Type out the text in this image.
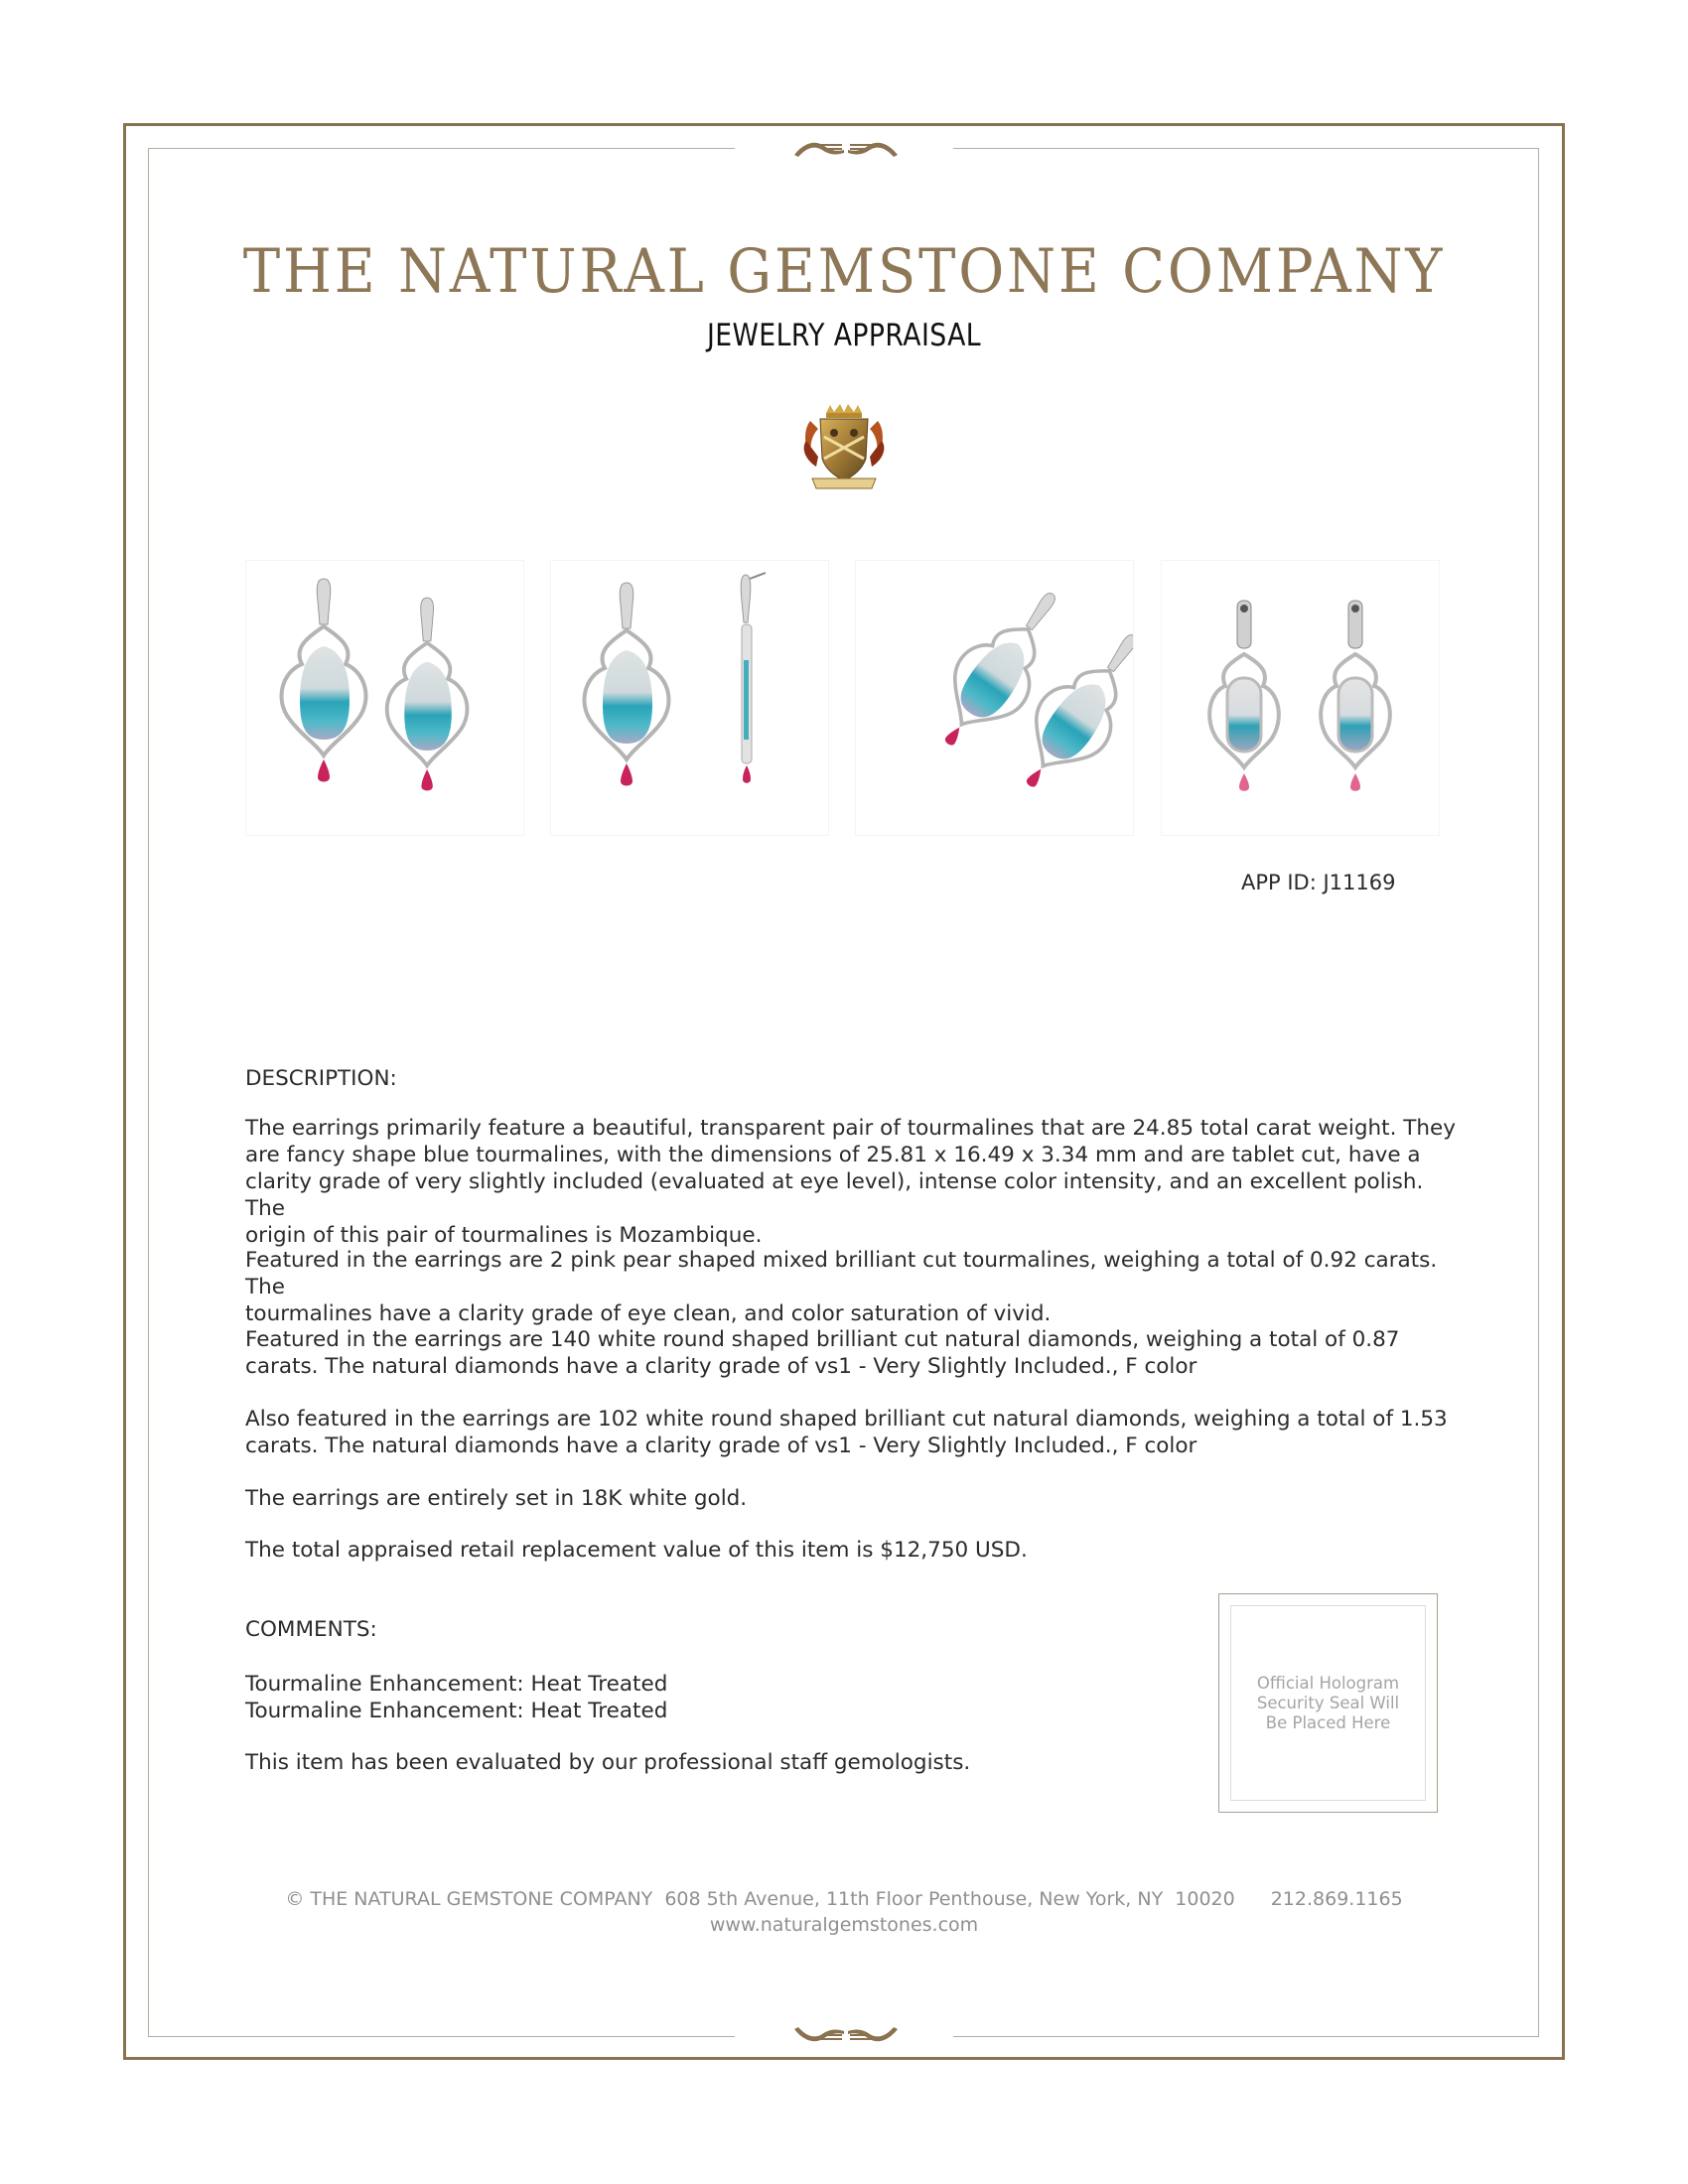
THE NATURAL GEMSTONE COMPANY
JEWELRY APPRAISAL
APP ID: J11169
DESCRIPTION:

The earrings primarily feature a beautiful, transparent pair of tourmalines that are 24.85 total carat weight. They

are fancy shape blue tourmalines, with the dimensions of 25.81 x 16.49 x 3.34 mm and are tablet cut, have a

clarity grade of very slightly included (evaluated at eye level), intense color intensity, and an excellent polish. The

origin of this pair of tourmalines is Mozambique.

Featured in the earrings are 2 pink pear shaped mixed brilliant cut tourmalines, weighing a total of 0.92 carats. The

tourmalines have a clarity grade of eye clean, and color saturation of vivid.

Featured in the earrings are 140 white round shaped brilliant cut natural diamonds, weighing a total of 0.87

carats. The natural diamonds have a clarity grade of vs1 - Very Slightly Included., F color

Also featured in the earrings are 102 white round shaped brilliant cut natural diamonds, weighing a total of 1.53

carats. The natural diamonds have a clarity grade of vs1 - Very Slightly Included., F color

The earrings are entirely set in 18K white gold.

The total appraised retail replacement value of this item is $12,750 USD.

COMMENTS:

Tourmaline Enhancement: Heat Treated

Tourmaline Enhancement: Heat Treated

This item has been evaluated by our professional staff gemologists.

Official Hologram
Security Seal Will
Be Placed Here
© THE NATURAL GEMSTONE COMPANY  608 5th Avenue, 11th Floor Penthouse, New York, NY  10020 212.869.1165
www.naturalgemstones.com
